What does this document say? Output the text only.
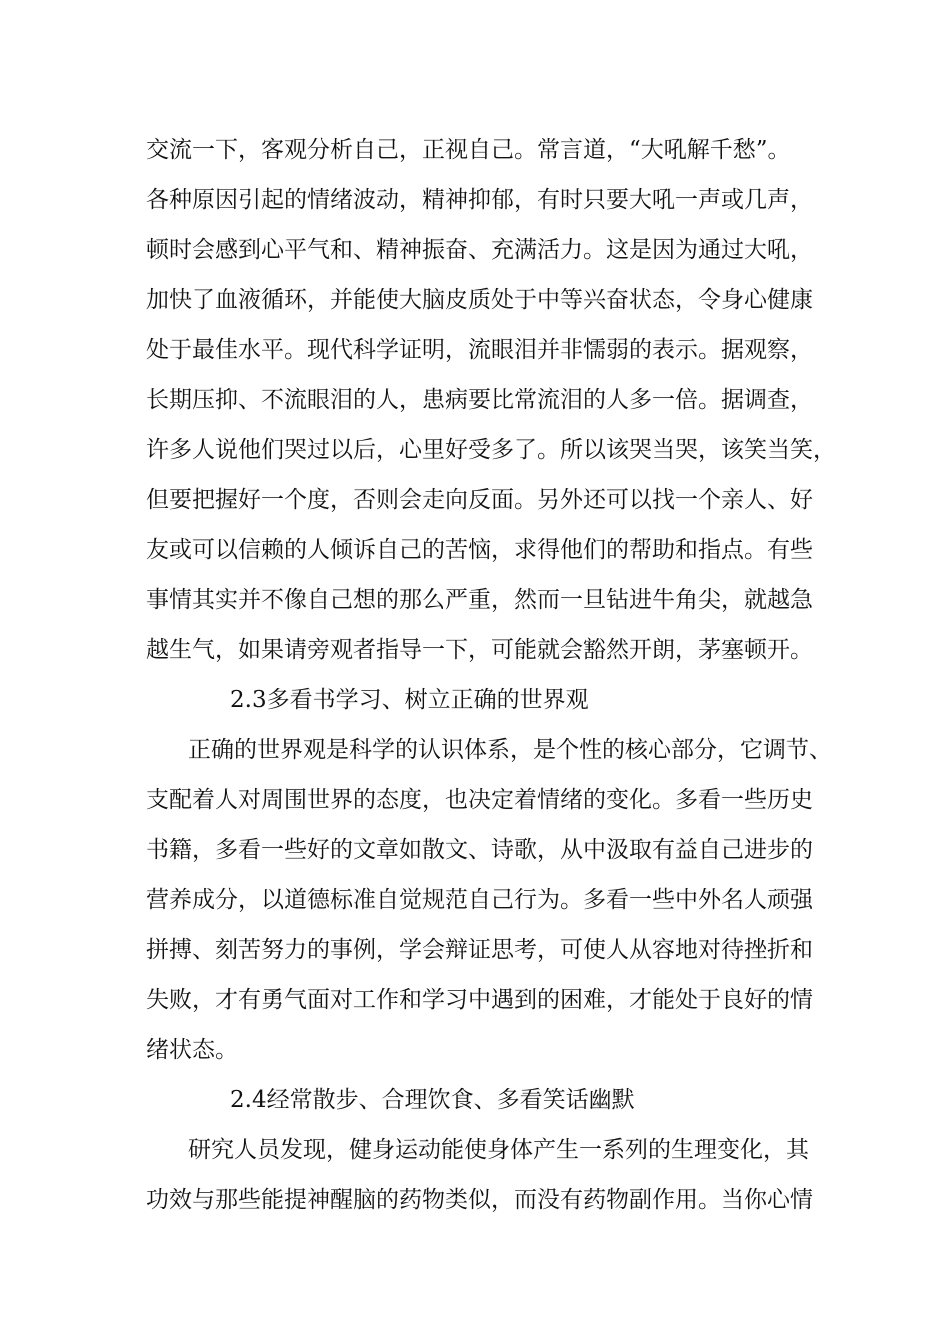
交流一下，客观分析自己，正视自己。常言道，“大吼解千愁”。
各种原因引起的情绪波动，精神抑郁，有时只要大吼一声或几声，
顿时会感到心平气和、精神振奋、充满活力。这是因为通过大吼，
加快了血液循环，并能使大脑皮质处于中等兴奋状态，令身心健康
处于最佳水平。现代科学证明，流眼泪并非懦弱的表示。据观察，
长期压抑、不流眼泪的人，患病要比常流泪的人多一倍。据调查，
许多人说他们哭过以后，心里好受多了。所以该哭当哭，该笑当笑，
但要把握好一个度，否则会走向反面。另外还可以找一个亲人、好
友或可以信赖的人倾诉自己的苦恼，求得他们的帮助和指点。有些
事情其实并不像自己想的那么严重，然而一旦钻进牛角尖，就越急
越生气，如果请旁观者指导一下，可能就会豁然开朗，茅塞顿开。
2.3多看书学习、树立正确的世界观
正确的世界观是科学的认识体系，是个性的核心部分，它调节、
支配着人对周围世界的态度，也决定着情绪的变化。多看一些历史
书籍，多看一些好的文章如散文、诗歌，从中汲取有益自己进步的
营养成分，以道德标准自觉规范自己行为。多看一些中外名人顽强
拼搏、刻苦努力的事例，学会辩证思考，可使人从容地对待挫折和
失败，才有勇气面对工作和学习中遇到的困难，才能处于良好的情
绪状态。
2.4经常散步、合理饮食、多看笑话幽默
研究人员发现，健身运动能使身体产生一系列的生理变化，其
功效与那些能提神醒脑的药物类似，而没有药物副作用。当你心情
